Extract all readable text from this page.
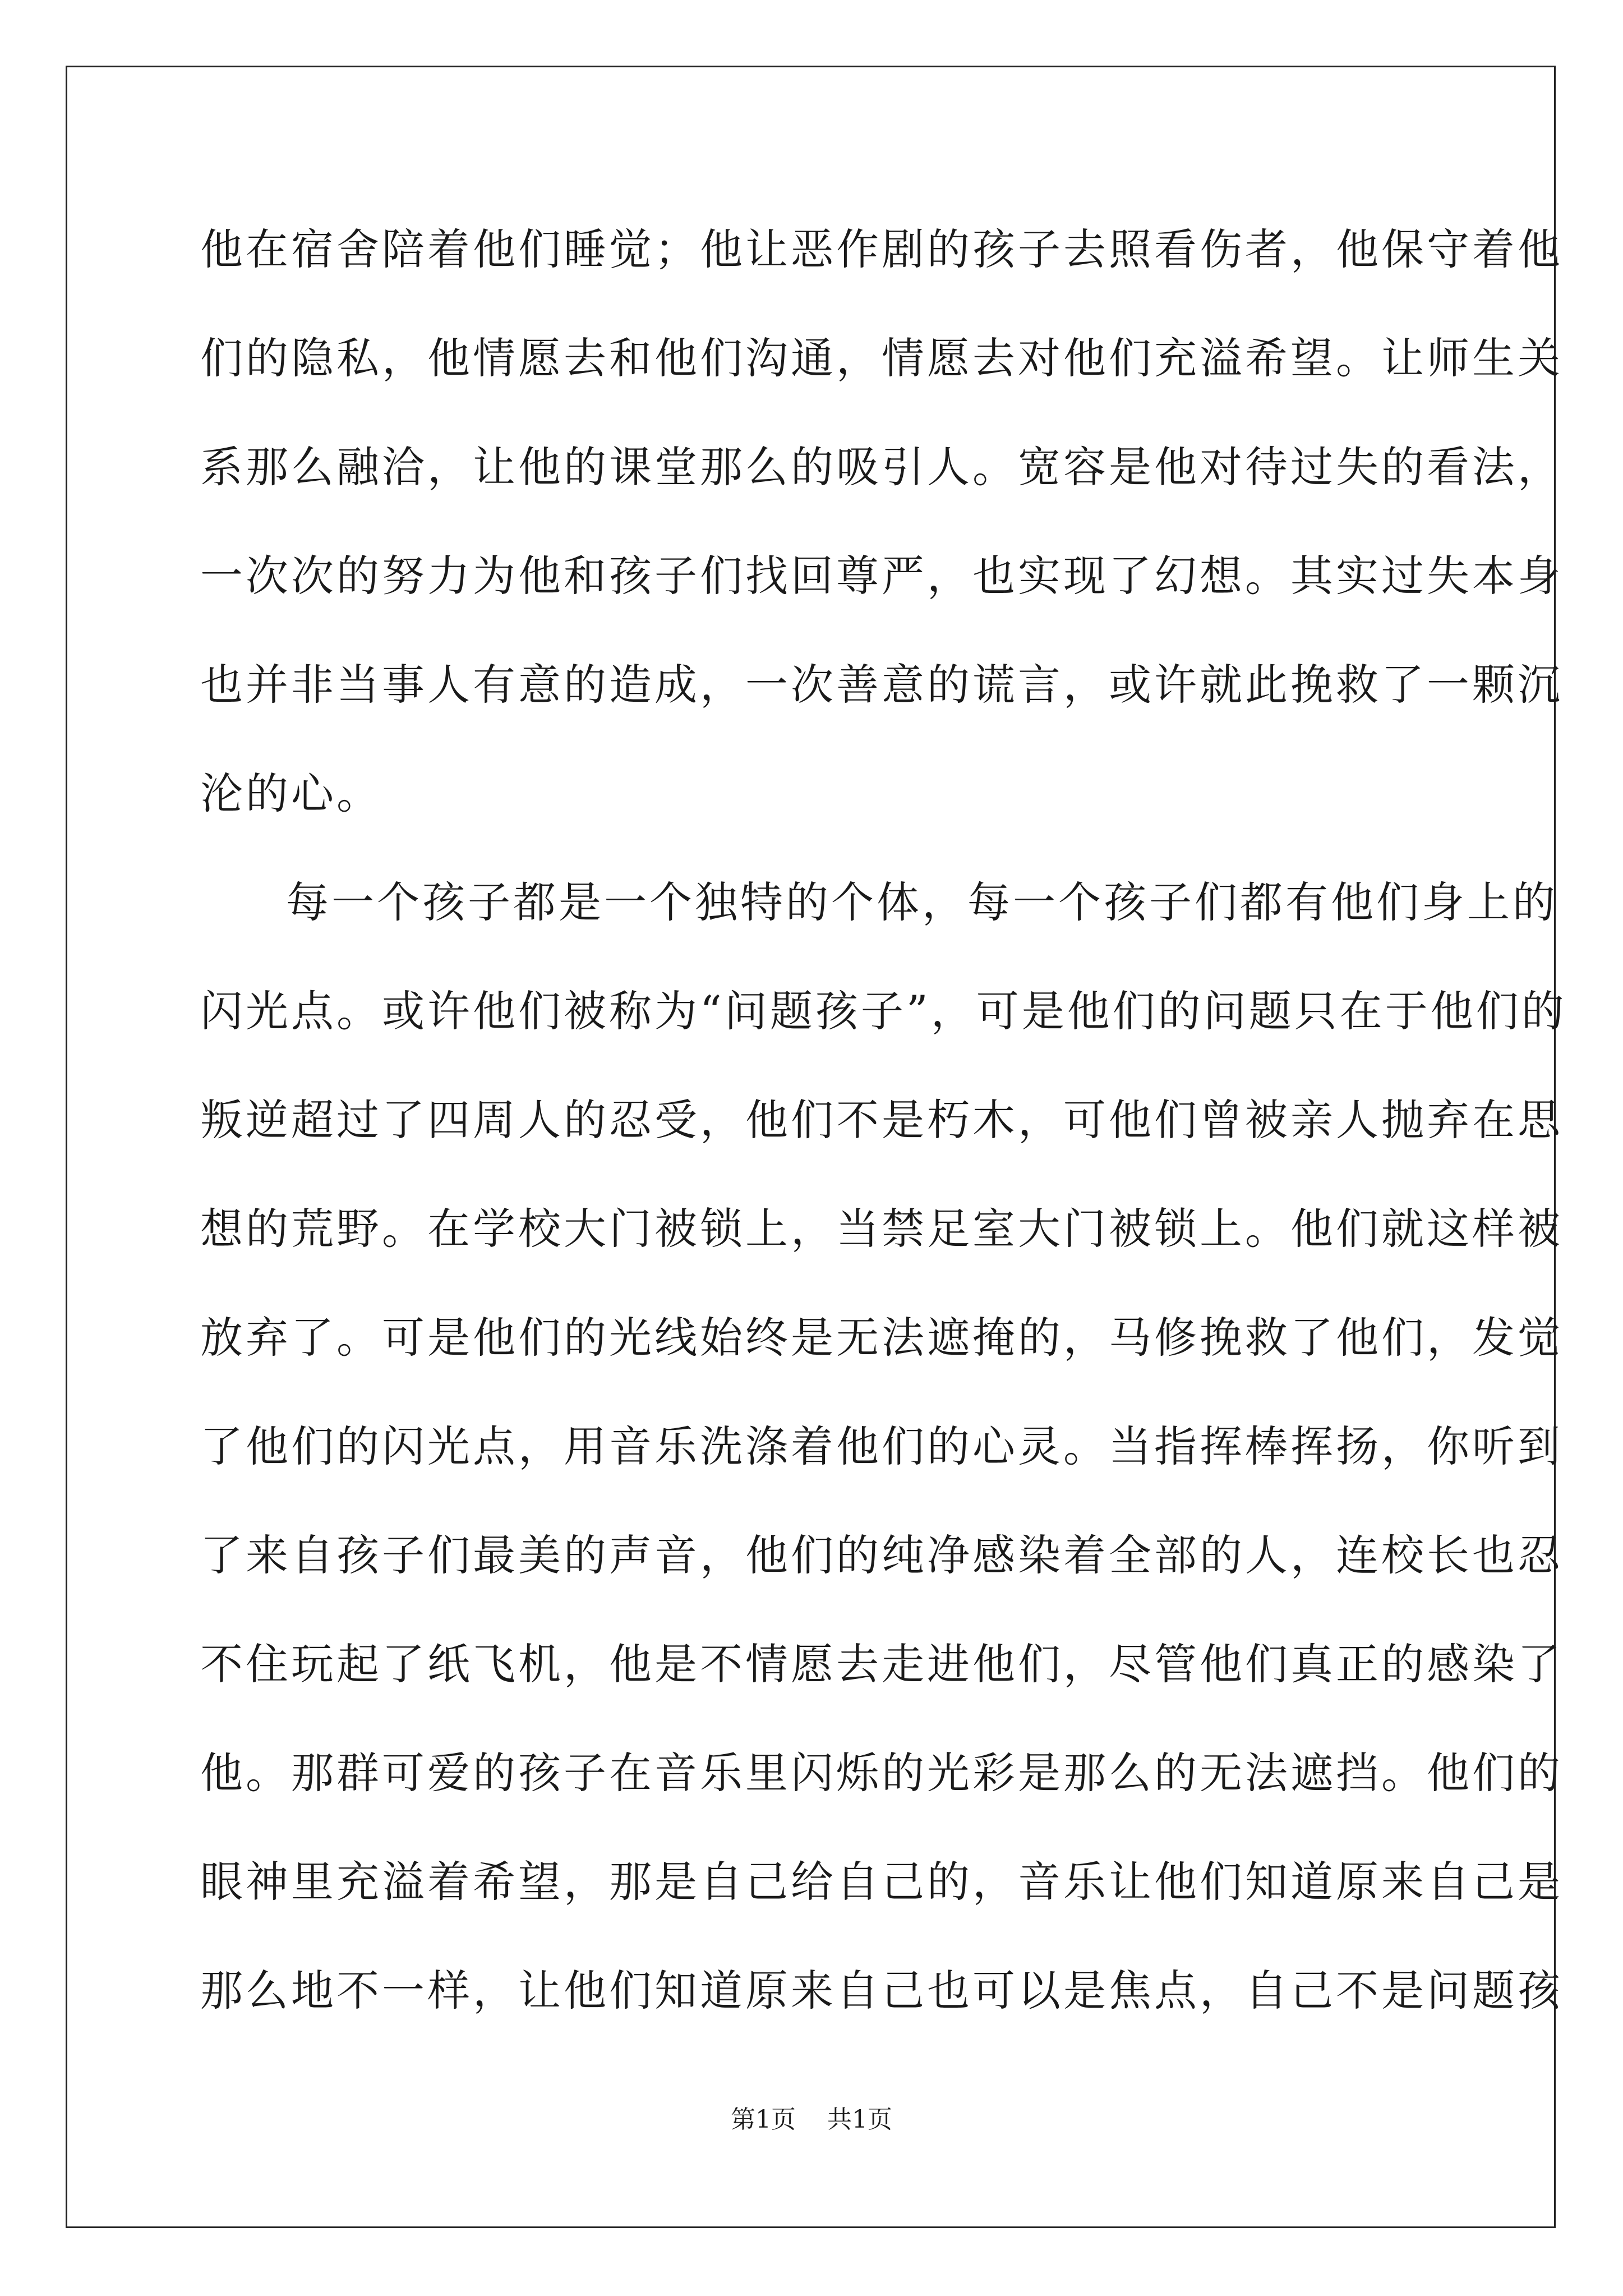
他在宿舍陪着他们睡觉；他让恶作剧的孩子去照看伤者，他保守着他
们的隐私，他情愿去和他们沟通，情愿去对他们充溢希望。让师生关
系那么融洽，让他的课堂那么的吸引人。宽容是他对待过失的看法，
一次次的努力为他和孩子们找回尊严，也实现了幻想。其实过失本身
也并非当事人有意的造成，一次善意的谎言，或许就此挽救了一颗沉
沦的心。
每一个孩子都是一个独特的个体，每一个孩子们都有他们身上的
闪光点。或许他们被称为“问题孩子”，可是他们的问题只在于他们的
叛逆超过了四周人的忍受，他们不是朽木，可他们曾被亲人抛弃在思
想的荒野。在学校大门被锁上，当禁足室大门被锁上。他们就这样被
放弃了。可是他们的光线始终是无法遮掩的，马修挽救了他们，发觉
了他们的闪光点，用音乐洗涤着他们的心灵。当指挥棒挥扬，你听到
了来自孩子们最美的声音，他们的纯净感染着全部的人，连校长也忍
不住玩起了纸飞机，他是不情愿去走进他们，尽管他们真正的感染了
他。那群可爱的孩子在音乐里闪烁的光彩是那么的无法遮挡。他们的
眼神里充溢着希望，那是自己给自己的，音乐让他们知道原来自己是
那么地不一样，让他们知道原来自己也可以是焦点，自己不是问题孩
第1页 共1页
